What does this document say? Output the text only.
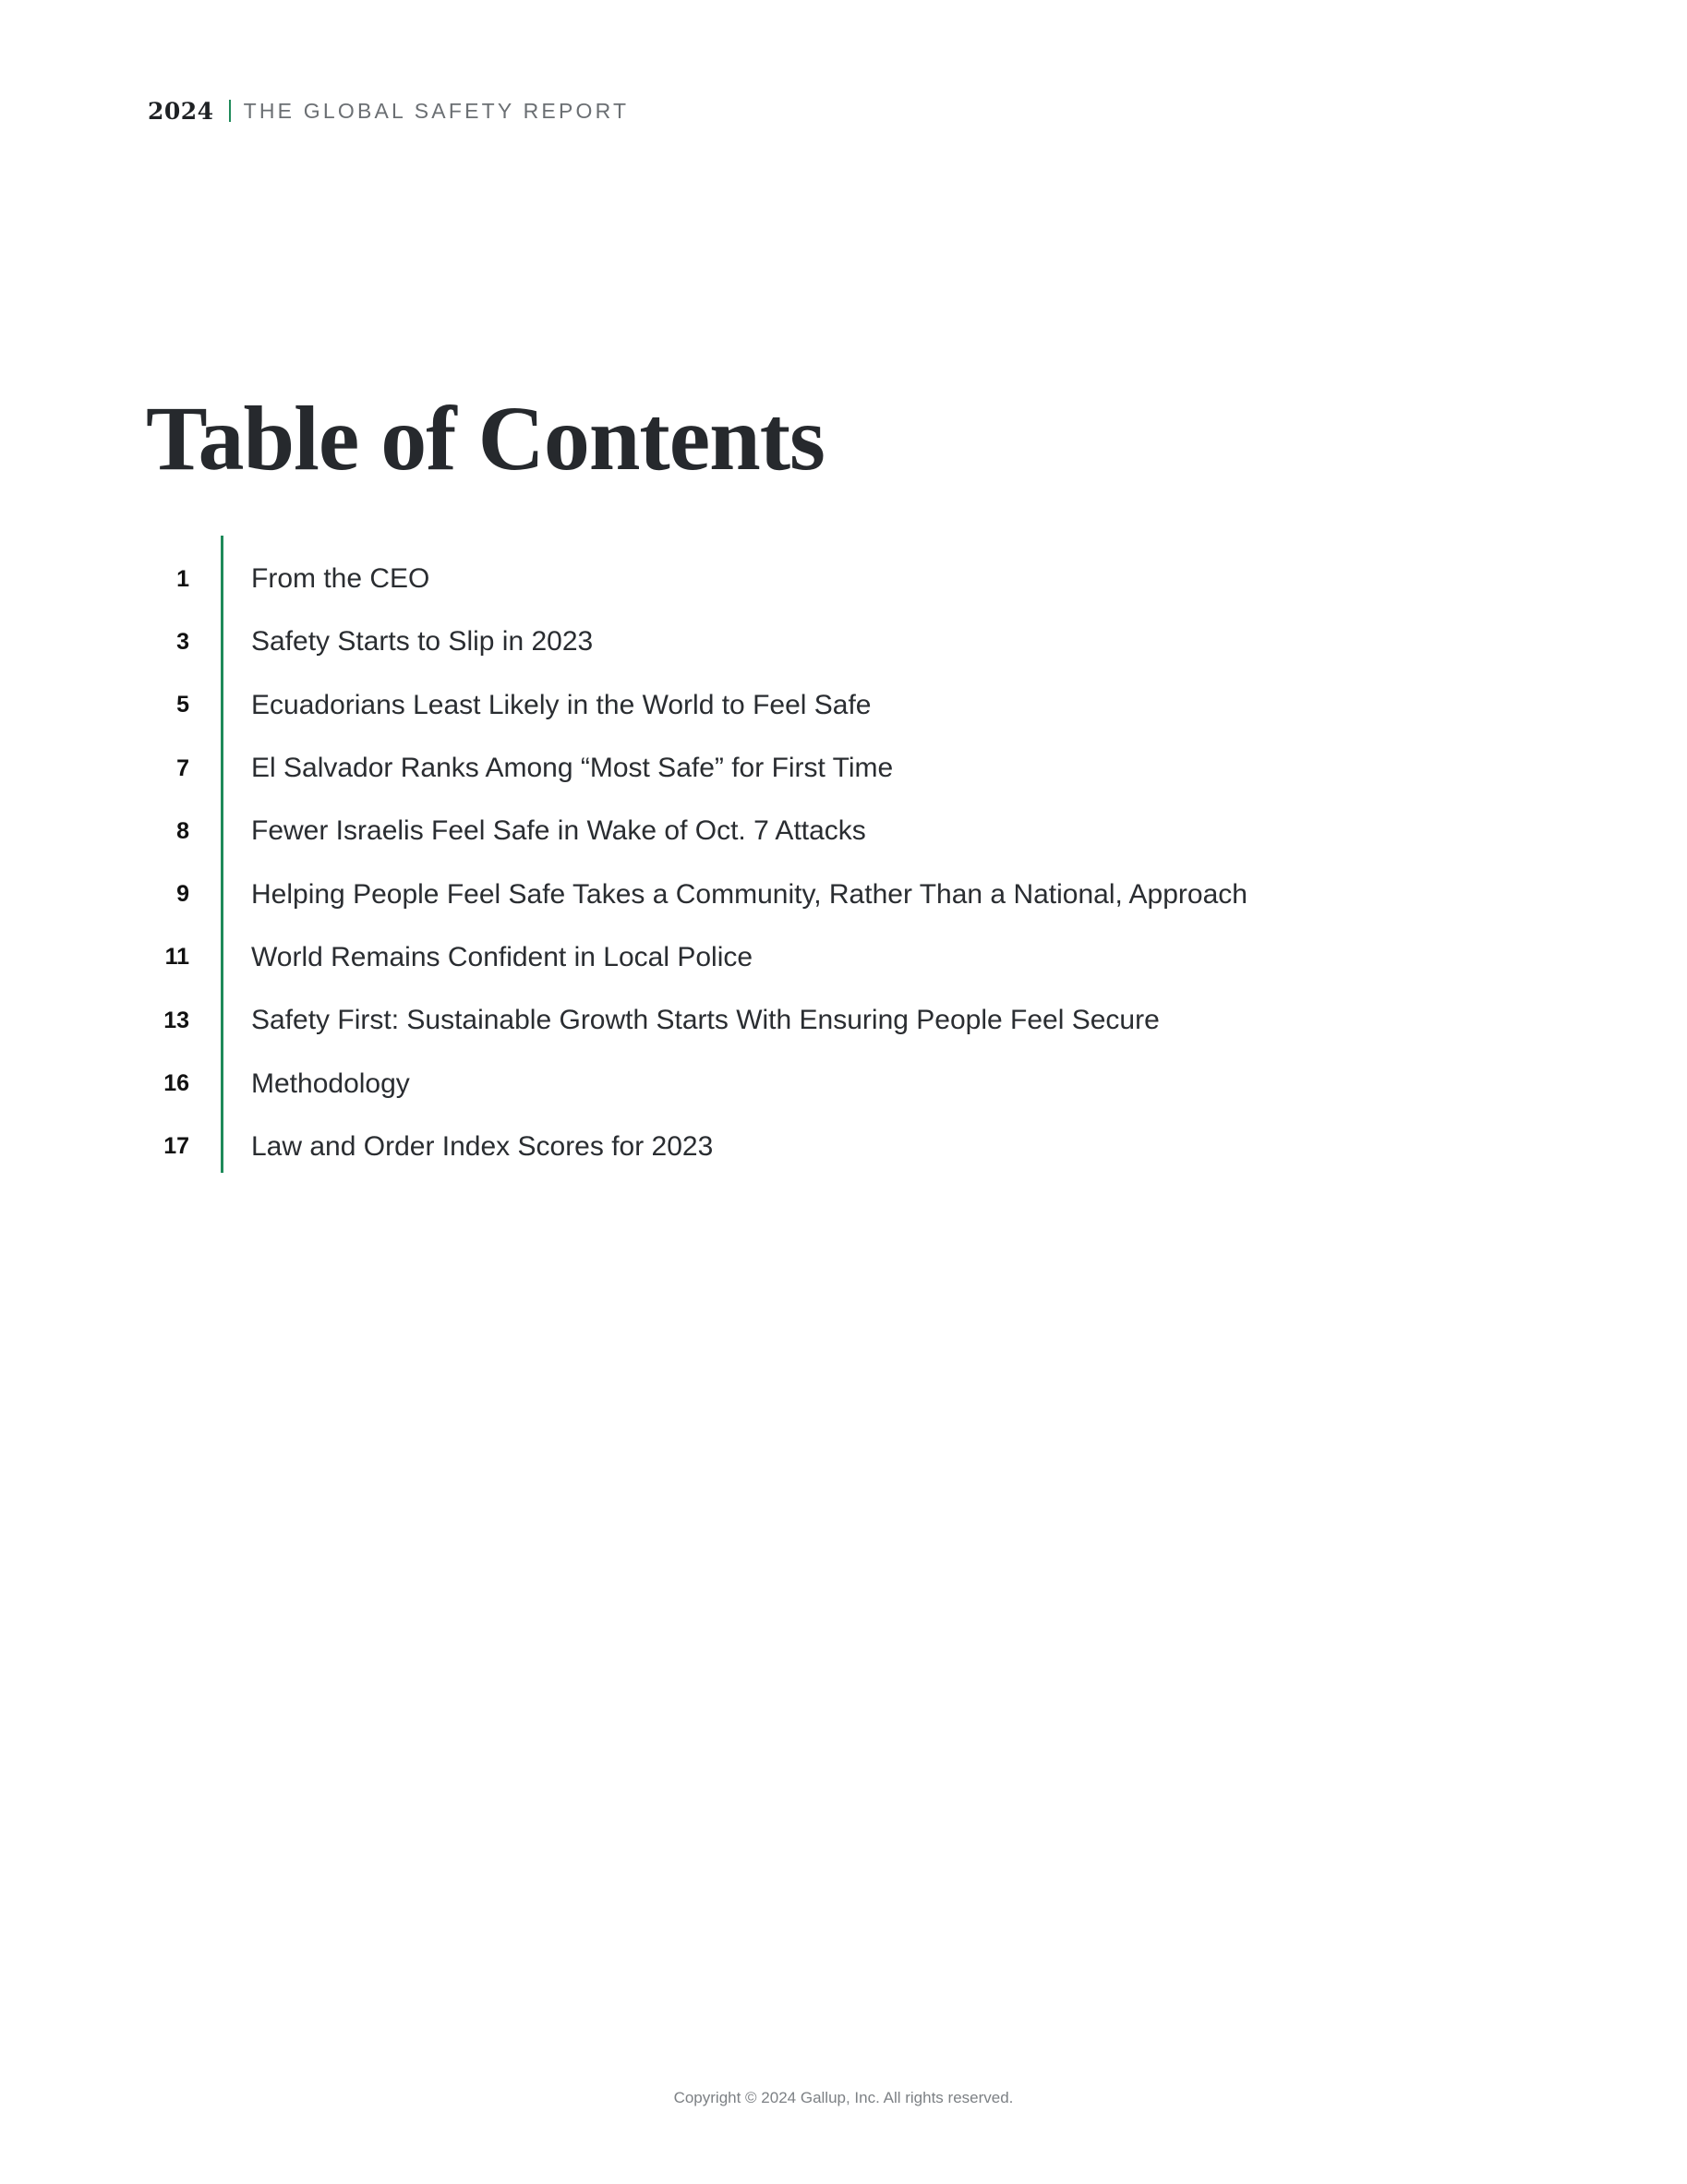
2024 THE GLOBAL SAFETY REPORT
Table of Contents
1 From the CEO
3 Safety Starts to Slip in 2023
5 Ecuadorians Least Likely in the World to Feel Safe
7 El Salvador Ranks Among “Most Safe” for First Time
8 Fewer Israelis Feel Safe in Wake of Oct. 7 Attacks
9 Helping People Feel Safe Takes a Community, Rather Than a National, Approach
11 World Remains Confident in Local Police
13 Safety First: Sustainable Growth Starts With Ensuring People Feel Secure
16 Methodology
17 Law and Order Index Scores for 2023
Copyright © 2024 Gallup, Inc. All rights reserved.
